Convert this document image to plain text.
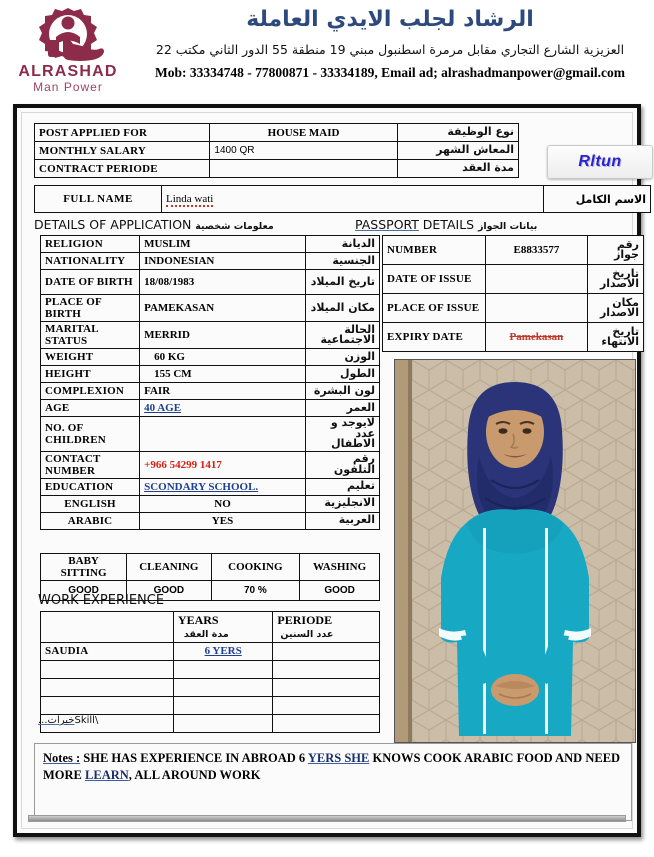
ALRASHAD
Man Power
الرشاد لجلب الايدي العاملة
العزيزية الشارع التجاري مقابل مرمرة اسطنبول مبني 19 منطقة 55 الدور الثاني مكتب 22
Mob: 33334748 - 77800871 - 33334189, Email ad; alrashadmanpower@gmail.com
POST APPLIED FOR	HOUSE MAID	نوع الوظيفة
MONTHLY SALARY	1400 QR	المعاش الشهر
CONTRACT PERIODE		مدة العقد	Rltun
FULL NAME	Linda wati	الاسم الكامل
DETAILS OF APPLICATION معلومات شخصية	PASSPORT DETAILS بيانات الجواز
RELIGION	MUSLIM	الديانة
NATIONALITY	INDONESIAN	الجنسية
DATE OF BIRTH	18/08/1983	تاريخ الميلاد
PLACE OF BIRTH	PAMEKASAN	مكان الميلاد
MARITAL STATUS	MERRID	الحالة الاجتماعية
WEIGHT	60 KG	الوزن
HEIGHT	155 CM	الطول
COMPLEXION	FAIR	لون البشرة
AGE	40 AGE	العمر
NO. OF CHILDREN		لايوجد و عدد الاطفال
CONTACT NUMBER	+966 54299 1417	رقم التلفون
EDUCATION	SCONDARY SCHOOL.	تعليم
ENGLISH	NO	الانجليزية
ARABIC	YES	العربية
NUMBER	E8833577	رقم جواز
DATE OF ISSUE		تاريخ الاصدار
PLACE OF ISSUE		مكان الاصدار
EXPIRY DATE	Pamekasan	تاريخ الانتهاء
BABY SITTING	CLEANING	COOKING	WASHING
GOOD	GOOD	70 %	GOOD
WORK EXPERIENCE
	YEARS مدة العقد	PERIODE عدد السنين
SAUDIA	6 YERS	

...خبراتSkill\
Notes : SHE HAS EXPERIENCE IN ABROAD 6 YERS SHE KNOWS COOK ARABIC FOOD AND NEED
MORE LEARN, ALL AROUND WORK
